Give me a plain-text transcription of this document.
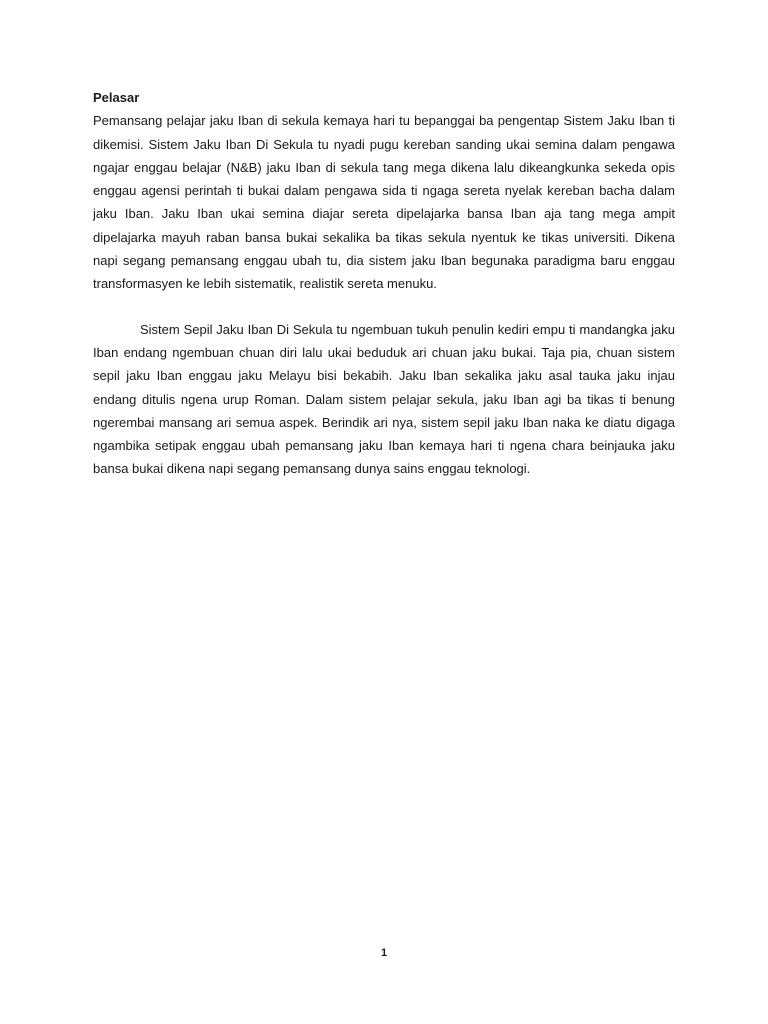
Pelasar

Pemansang pelajar jaku Iban di sekula kemaya hari tu bepanggai ba pengentap Sistem Jaku Iban ti dikemisi. Sistem Jaku Iban Di Sekula tu nyadi pugu kereban sanding ukai semina dalam pengawa ngajar enggau belajar (N&B) jaku Iban di sekula tang mega dikena lalu dikeangkunka sekeda opis enggau agensi perintah ti bukai dalam pengawa sida ti ngaga sereta nyelak kereban bacha dalam jaku Iban. Jaku Iban ukai semina diajar sereta dipelajarka bansa Iban aja tang mega ampit dipelajarka mayuh raban bansa bukai sekalika ba tikas sekula nyentuk ke tikas universiti. Dikena napi segang pemansang enggau ubah tu, dia sistem jaku Iban begunaka paradigma baru enggau transformasyen ke lebih sistematik, realistik sereta menuku.

Sistem Sepil Jaku Iban Di Sekula tu ngembuan tukuh penulin kediri empu ti mandangka jaku Iban endang ngembuan chuan diri lalu ukai beduduk ari chuan jaku bukai. Taja pia, chuan sistem sepil jaku Iban enggau jaku Melayu bisi bekabih. Jaku Iban sekalika jaku asal tauka jaku injau endang ditulis ngena urup Roman. Dalam sistem pelajar sekula, jaku Iban agi ba tikas ti benung ngerembai mansang ari semua aspek. Berindik ari nya, sistem sepil jaku Iban naka ke diatu digaga ngambika setipak enggau ubah pemansang jaku Iban kemaya hari ti ngena chara beinjauka jaku bansa bukai dikena napi segang pemansang dunya sains enggau teknologi.

1
